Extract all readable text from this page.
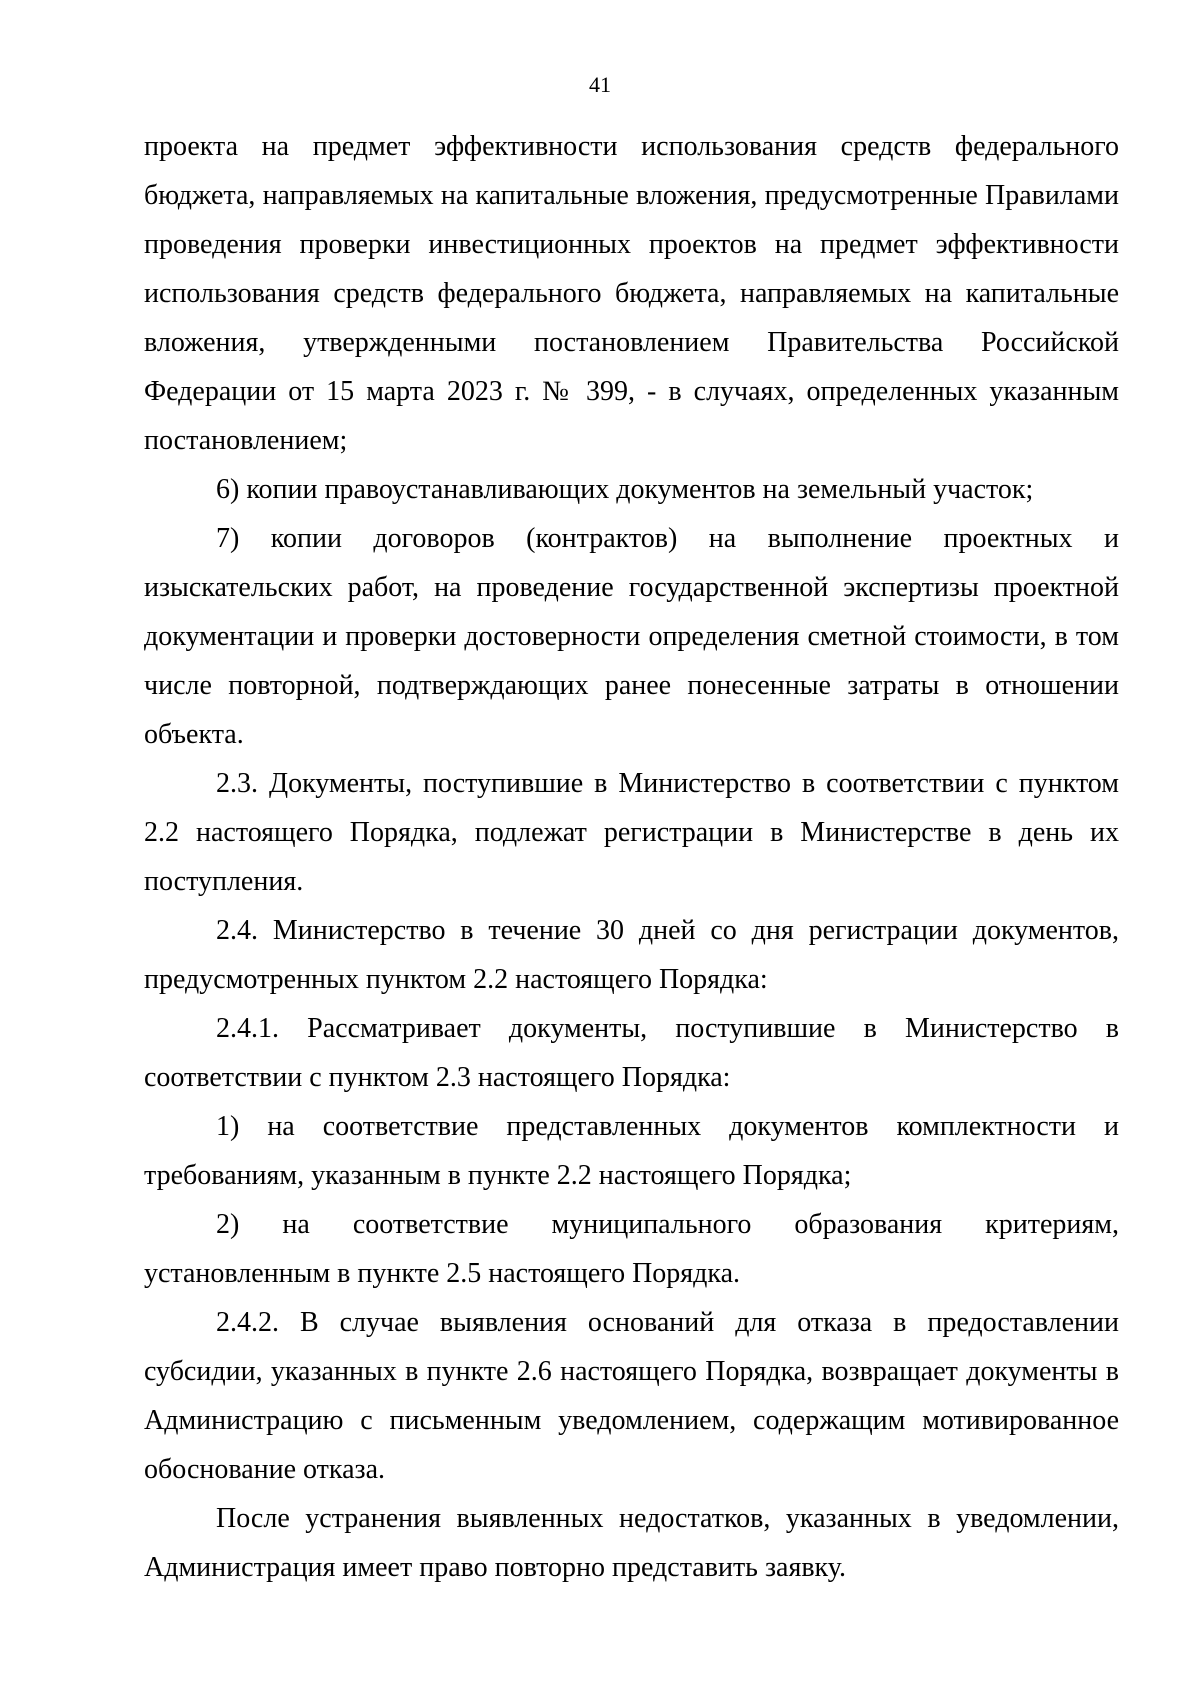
41

проекта на предмет эффективности использования средств федерального бюджета, направляемых на капитальные вложения, предусмотренные Правилами проведения проверки инвестиционных проектов на предмет эффективности использования средств федерального бюджета, направляемых на капитальные вложения, утвержденными постановлением Правительства Российской Федерации от 15 марта 2023 г. № 399, - в случаях, определенных указанным постановлением;

6) копии правоустанавливающих документов на земельный участок;

7) копии договоров (контрактов) на выполнение проектных и изыскательских работ, на проведение государственной экспертизы проектной документации и проверки достоверности определения сметной стоимости, в том числе повторной, подтверждающих ранее понесенные затраты в отношении объекта.

2.3. Документы, поступившие в Министерство в соответствии с пунктом 2.2 настоящего Порядка, подлежат регистрации в Министерстве в день их поступления.

2.4. Министерство в течение 30 дней со дня регистрации документов, предусмотренных пунктом 2.2 настоящего Порядка:

2.4.1. Рассматривает документы, поступившие в Министерство в соответствии с пунктом 2.3 настоящего Порядка:

1) на соответствие представленных документов комплектности и требованиям, указанным в пункте 2.2 настоящего Порядка;

2) на соответствие муниципального образования критериям, установленным в пункте 2.5 настоящего Порядка.

2.4.2. В случае выявления оснований для отказа в предоставлении субсидии, указанных в пункте 2.6 настоящего Порядка, возвращает документы в Администрацию с письменным уведомлением, содержащим мотивированное обоснование отказа.

После устранения выявленных недостатков, указанных в уведомлении, Администрация имеет право повторно представить заявку.
